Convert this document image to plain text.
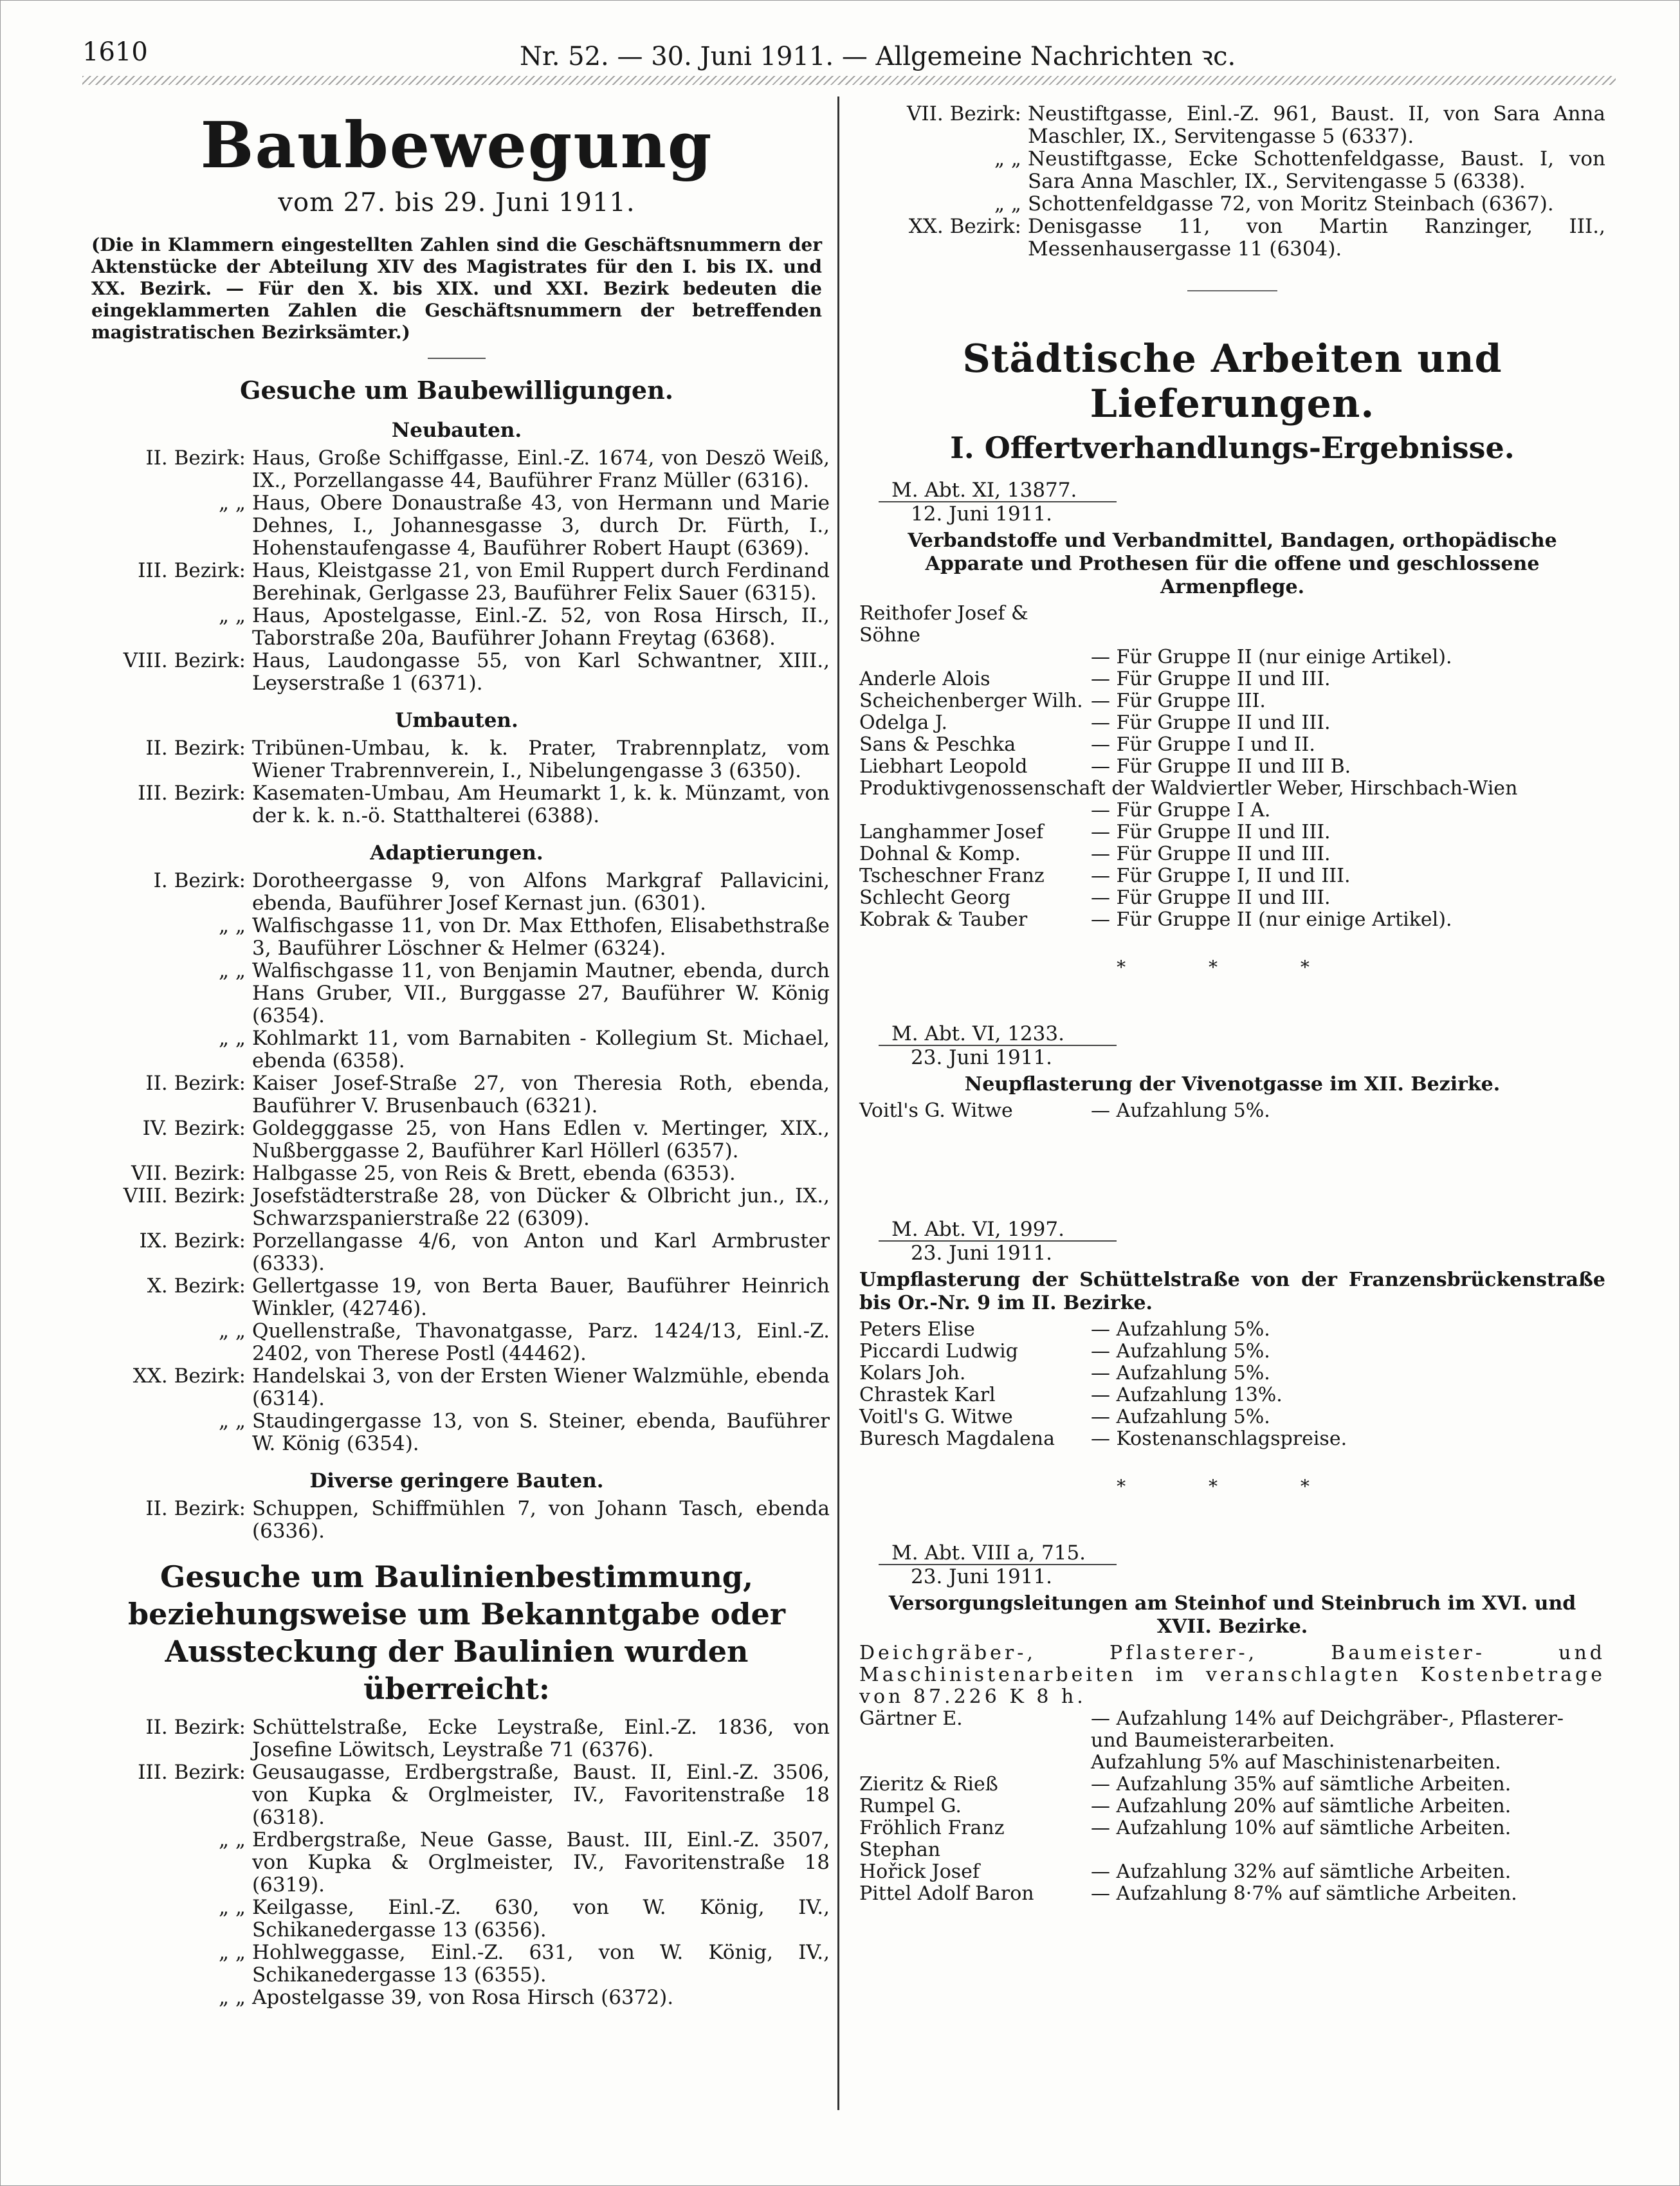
1610	Nr. 52. — 30. Juni 1911. — Allgemeine Nachrichten ꝛc.
Baubewegung
vom 27. bis 29. Juni 1911.
(Die in Klammern eingestellten Zahlen sind die Geschäftsnummern der Aktenstücke der Abteilung XIV des Magistrates für den I. bis IX. und XX. Bezirk. — Für den X. bis XIX. und XXI. Bezirk bedeuten die eingeklammerten Zahlen die Geschäftsnummern der betreffenden magistratischen Bezirksämter.)
Gesuche um Baubewilligungen.
Neubauten.
II. Bezirk: Haus, Große Schiffgasse, Einl.-Z. 1674, von Deszö Weiß, IX., Porzellangasse 44, Bauführer Franz Müller (6316).
„ „ Haus, Obere Donaustraße 43, von Hermann und Marie Dehnes, I., Johannesgasse 3, durch Dr. Fürth, I., Hohenstaufengasse 4, Bauführer Robert Haupt (6369).
III. Bezirk: Haus, Kleistgasse 21, von Emil Ruppert durch Ferdinand Berehinak, Gerlgasse 23, Bauführer Felix Sauer (6315).
„ „ Haus, Apostelgasse, Einl.-Z. 52, von Rosa Hirsch, II., Taborstraße 20a, Bauführer Johann Freytag (6368).
VIII. Bezirk: Haus, Laudongasse 55, von Karl Schwantner, XIII., Leyserstraße 1 (6371).
Umbauten.
II. Bezirk: Tribünen-Umbau, k. k. Prater, Trabrennplatz, vom Wiener Trabrennverein, I., Nibelungengasse 3 (6350).
III. Bezirk: Kasematen-Umbau, Am Heumarkt 1, k. k. Münzamt, von der k. k. n.-ö. Statthalterei (6388).
Adaptierungen.
I. Bezirk: Dorotheergasse 9, von Alfons Markgraf Pallavicini, ebenda, Bauführer Josef Kernast jun. (6301).
„ „ Walfischgasse 11, von Dr. Max Etthofen, Elisabethstraße 3, Bauführer Löschner & Helmer (6324).
„ „ Walfischgasse 11, von Benjamin Mautner, ebenda, durch Hans Gruber, VII., Burggasse 27, Bauführer W. König (6354).
„ „ Kohlmarkt 11, vom Barnabiten - Kollegium St. Michael, ebenda (6358).
II. Bezirk: Kaiser Josef-Straße 27, von Theresia Roth, ebenda, Bauführer V. Brusenbauch (6321).
IV. Bezirk: Goldegggasse 25, von Hans Edlen v. Mertinger, XIX., Nußberggasse 2, Bauführer Karl Höllerl (6357).
VII. Bezirk: Halbgasse 25, von Reis & Brett, ebenda (6353).
VIII. Bezirk: Josefstädterstraße 28, von Dücker & Olbricht jun., IX., Schwarzspanierstraße 22 (6309).
IX. Bezirk: Porzellangasse 4/6, von Anton und Karl Armbruster (6333).
X. Bezirk: Gellertgasse 19, von Berta Bauer, Bauführer Heinrich Winkler, (42746).
„ „ Quellenstraße, Thavonatgasse, Parz. 1424/13, Einl.-Z. 2402, von Therese Postl (44462).
XX. Bezirk: Handelskai 3, von der Ersten Wiener Walzmühle, ebenda (6314).
„ „ Staudingergasse 13, von S. Steiner, ebenda, Bauführer W. König (6354).
Diverse geringere Bauten.
II. Bezirk: Schuppen, Schiffmühlen 7, von Johann Tasch, ebenda (6336).
Gesuche um Baulinienbestimmung, beziehungsweise um Bekanntgabe oder Aussteckung der Baulinien wurden überreicht:
II. Bezirk: Schüttelstraße, Ecke Leystraße, Einl.-Z. 1836, von Josefine Löwitsch, Leystraße 71 (6376).
III. Bezirk: Geusaugasse, Erdbergstraße, Baust. II, Einl.-Z. 3506, von Kupka & Orglmeister, IV., Favoritenstraße 18 (6318).
„ „ Erdbergstraße, Neue Gasse, Baust. III, Einl.-Z. 3507, von Kupka & Orglmeister, IV., Favoritenstraße 18 (6319).
„ „ Keilgasse, Einl.-Z. 630, von W. König, IV., Schikanedergasse 13 (6356).
„ „ Hohlweggasse, Einl.-Z. 631, von W. König, IV., Schikanedergasse 13 (6355).
„ „ Apostelgasse 39, von Rosa Hirsch (6372).
VII. Bezirk: Neustiftgasse, Einl.-Z. 961, Baust. II, von Sara Anna Maschler, IX., Servitengasse 5 (6337).
„ „ Neustiftgasse, Ecke Schottenfeldgasse, Baust. I, von Sara Anna Maschler, IX., Servitengasse 5 (6338).
„ „ Schottenfeldgasse 72, von Moritz Steinbach (6367).
XX. Bezirk: Denisgasse 11, von Martin Ranzinger, III., Messenhausergasse 11 (6304).
Städtische Arbeiten und Lieferungen.
I. Offertverhandlungs-Ergebnisse.
M. Abt. XI, 13877.
12. Juni 1911.
Verbandstoffe und Verbandmittel, Bandagen, orthopädische Apparate und Prothesen für die offene und geschlossene Armenpflege.
Reithofer Josef & Söhne
— Für Gruppe II (nur einige Artikel).
Anderle Alois	— Für Gruppe II und III.
Scheichenberger Wilh. — Für Gruppe III.
Odelga J.	— Für Gruppe II und III.
Sans & Peschka	— Für Gruppe I und II.
Liebhart Leopold	— Für Gruppe II und III B.
Produktivgenossenschaft der Waldviertler Weber, Hirschbach-Wien
— Für Gruppe I A.
Langhammer Josef	— Für Gruppe II und III.
Dohnal & Komp.	— Für Gruppe II und III.
Tscheschner Franz	— Für Gruppe I, II und III.
Schlecht Georg	— Für Gruppe II und III.
Kobrak & Tauber	— Für Gruppe II (nur einige Artikel).
* * *
M. Abt. VI, 1233.
23. Juni 1911.
Neupflasterung der Vivenotgasse im XII. Bezirke.
Voitl's G. Witwe	— Aufzahlung 5%.
M. Abt. VI, 1997.
23. Juni 1911.
Umpflasterung der Schüttelstraße von der Franzensbrückenstraße bis Or.-Nr. 9 im II. Bezirke.
Peters Elise	— Aufzahlung 5%.
Piccardi Ludwig	— Aufzahlung 5%.
Kolars Joh.	— Aufzahlung 5%.
Chrastek Karl	— Aufzahlung 13%.
Voitl's G. Witwe	— Aufzahlung 5%.
Buresch Magdalena	— Kostenanschlagspreise.
* * *
M. Abt. VIII a, 715.
23. Juni 1911.
Versorgungsleitungen am Steinhof und Steinbruch im XVI. und XVII. Bezirke.
Deichgräber-, Pflasterer-, Baumeister- und Maschinistenarbeiten im veranschlagten Kostenbetrage von 87.226 K 8 h.
Gärtner E.	— Aufzahlung 14% auf Deichgräber-, Pflasterer- und Baumeisterarbeiten.
Aufzahlung 5% auf Maschinistenarbeiten.
Zieritz & Rieß	— Aufzahlung 35% auf sämtliche Arbeiten.
Rumpel G.	— Aufzahlung 20% auf sämtliche Arbeiten.
Fröhlich Franz Stephan
— Aufzahlung 10% auf sämtliche Arbeiten.
Hořick Josef	— Aufzahlung 32% auf sämtliche Arbeiten.
Pittel Adolf Baron	— Aufzahlung 8·7% auf sämtliche Arbeiten.
